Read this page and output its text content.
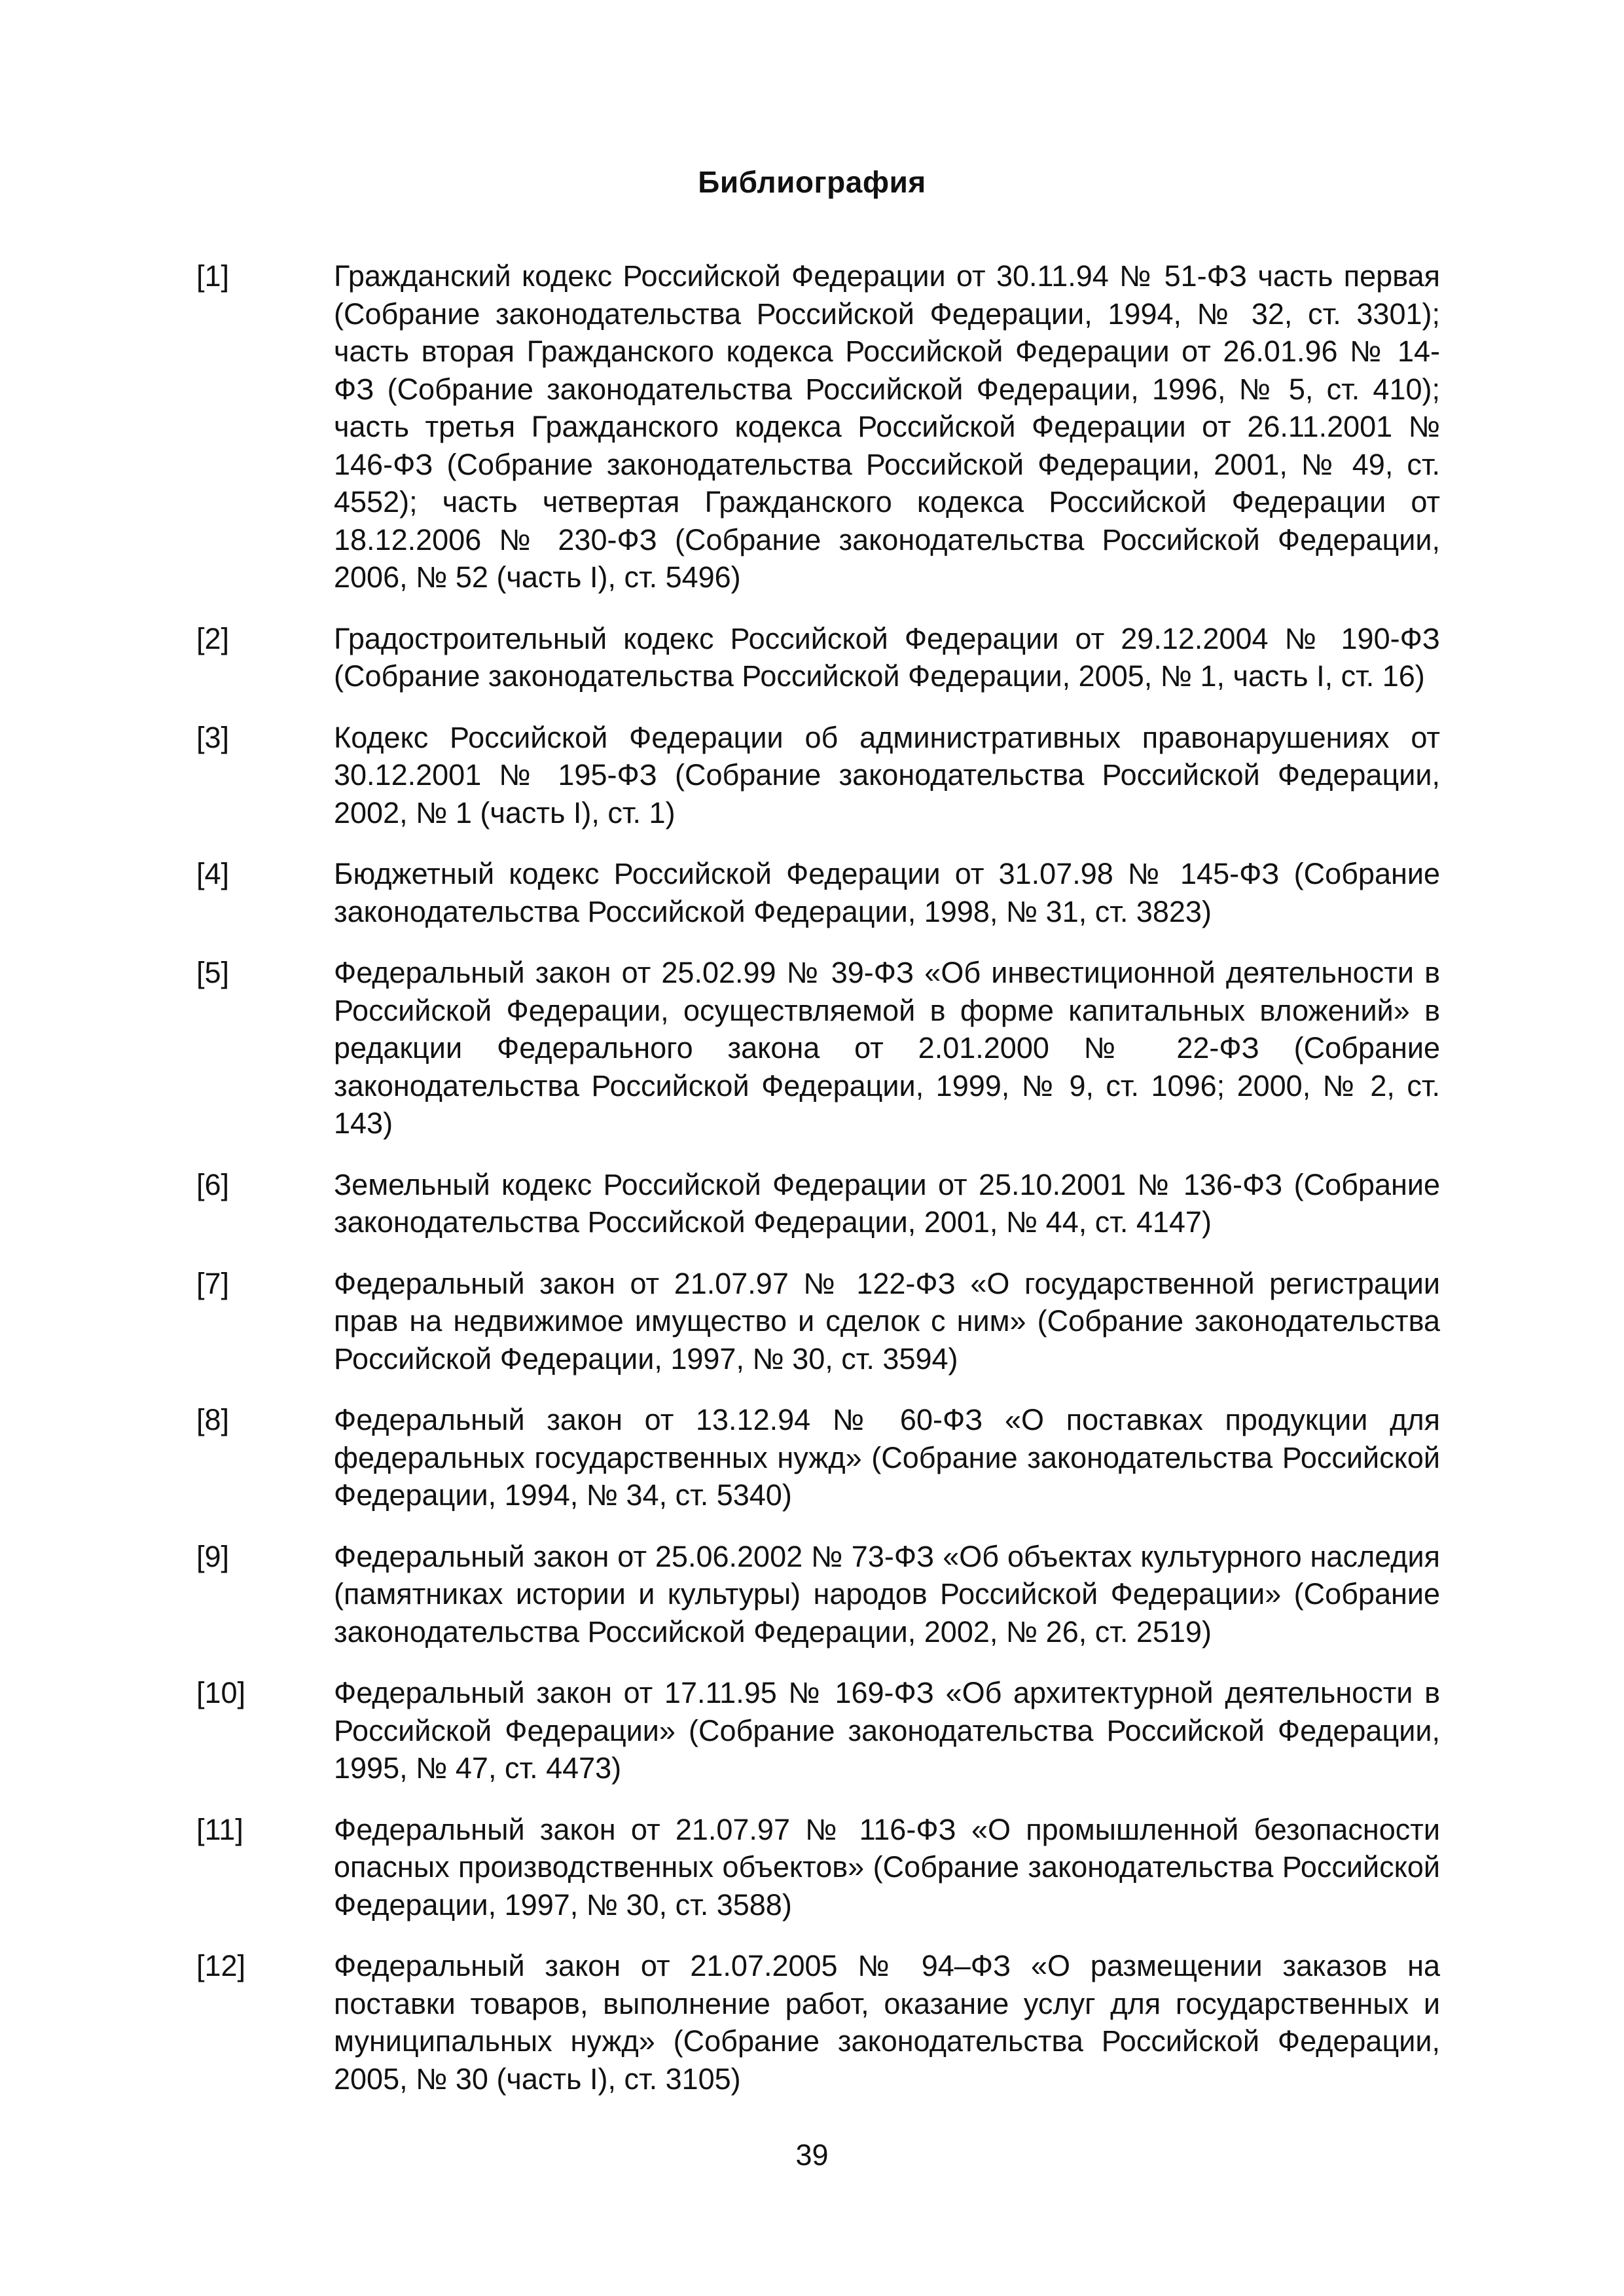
Библиография
[1]	Гражданский кодекс Российской Федерации от 30.11.94 № 51-ФЗ часть первая (Собрание законодательства Российской Федерации, 1994, № 32, ст. 3301); часть вторая Гражданского кодекса Российской Федерации от 26.01.96 № 14-ФЗ (Собрание законодательства Российской Федерации, 1996, № 5, ст. 410); часть третья Гражданского кодекса Российской Федерации от 26.11.2001 № 146-ФЗ (Собрание законодательства Российской Федерации, 2001, № 49, ст. 4552); часть четвертая Гражданского кодекса Российской Федерации от 18.12.2006 № 230-ФЗ (Собрание законодательства Российской Федерации, 2006, № 52 (часть I), ст. 5496)
[2]	Градостроительный кодекс Российской Федерации от 29.12.2004 № 190-ФЗ (Собрание законодательства Российской Федерации, 2005, № 1, часть I, ст. 16)
[3]	Кодекс Российской Федерации об административных правонарушениях от 30.12.2001 № 195-ФЗ (Собрание законодательства Российской Федерации, 2002, № 1 (часть I), ст. 1)
[4]	Бюджетный кодекс Российской Федерации от 31.07.98 № 145-ФЗ (Собрание законодательства Российской Федерации, 1998, № 31, ст. 3823)
[5]	Федеральный закон от 25.02.99 № 39-ФЗ «Об инвестиционной деятельности в Российской Федерации, осуществляемой в форме капитальных вложений» в редакции Федерального закона от 2.01.2000 № 22-ФЗ (Собрание законодательства Российской Федерации, 1999, № 9, ст. 1096; 2000, № 2, ст. 143)
[6]	Земельный кодекс Российской Федерации от 25.10.2001 № 136-ФЗ (Собрание законодательства Российской Федерации, 2001, № 44, ст. 4147)
[7]	Федеральный закон от 21.07.97 № 122-ФЗ «О государственной регистрации прав на недвижимое имущество и сделок с ним» (Собрание законодательства Российской Федерации, 1997, № 30, ст. 3594)
[8]	Федеральный закон от 13.12.94 № 60-ФЗ «О поставках продукции для федеральных государственных нужд» (Собрание законодательства Российской Федерации, 1994, № 34, ст. 5340)
[9]	Федеральный закон от 25.06.2002 № 73-ФЗ «Об объектах культурного наследия (памятниках истории и культуры) народов Российской Федерации» (Собрание законодательства Российской Федерации, 2002, № 26, ст. 2519)
[10]	Федеральный закон от 17.11.95 № 169-ФЗ «Об архитектурной деятельности в Российской Федерации» (Собрание законодательства Российской Федерации, 1995, № 47, ст. 4473)
[11]	Федеральный закон от 21.07.97 № 116-ФЗ «О промышленной безопасности опасных производственных объектов» (Собрание законодательства Российской Федерации, 1997, № 30, ст. 3588)
[12]	Федеральный закон от 21.07.2005 № 94–ФЗ «О размещении заказов на поставки товаров, выполнение работ, оказание услуг для государственных и муниципальных нужд» (Собрание законодательства Российской Федерации, 2005, № 30 (часть I), ст. 3105)
39
